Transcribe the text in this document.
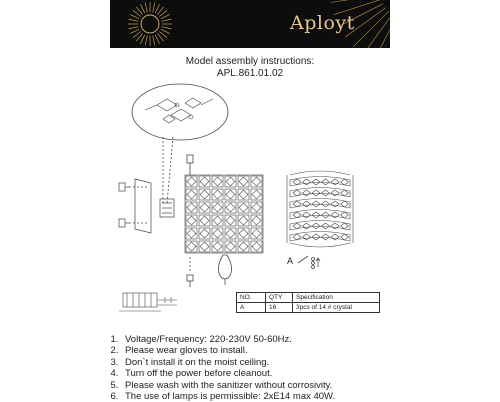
Aployt
Model assembly instructions:
APL.861.01.02
A
NO.	QTY	Specification
A	16	3pcs of 14 # crystal
1. Voltage/Frequency: 220-230V 50-60Hz.
2. Please wear gloves to install.
3. Don`t install it on the moist ceiling.
4. Turn off the power before cleanout.
5. Please wash with the sanitizer without corrosivity.
6. The use of lamps is permissible: 2xE14 max 40W.
